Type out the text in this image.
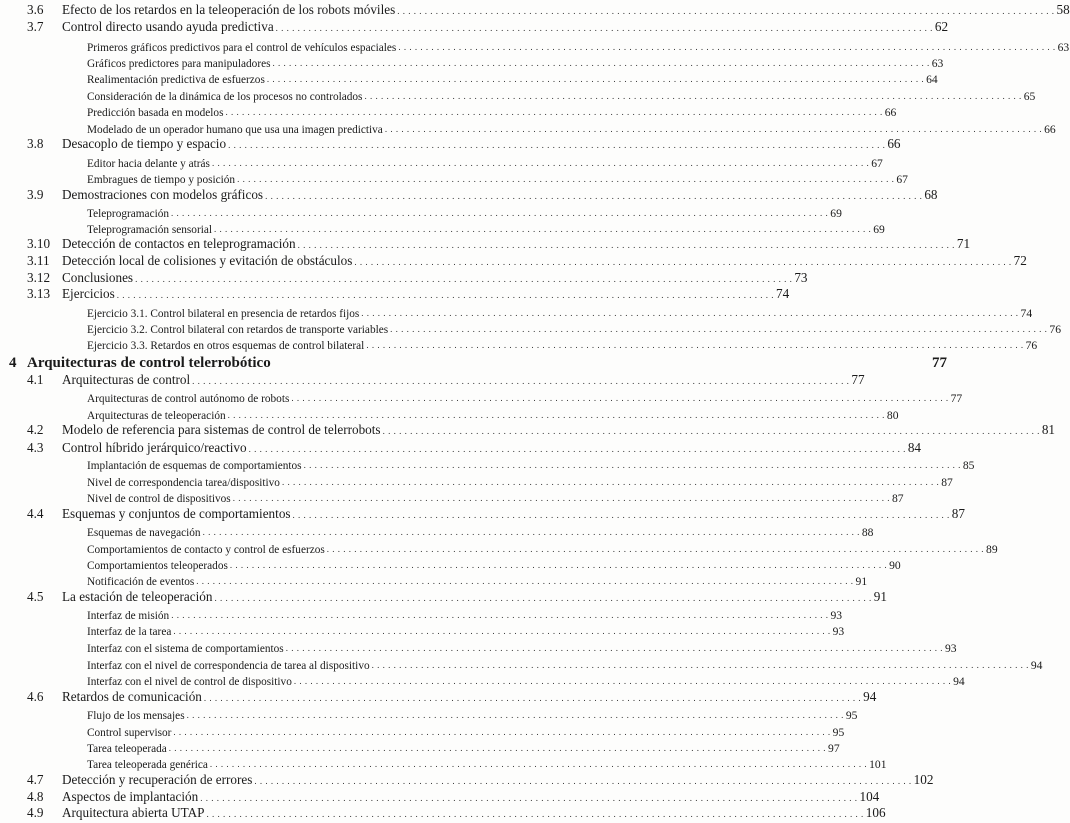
3.6 Efecto de los retardos en la teleoperación de los robots móviles . . . . . . . . . . . . . . . . . . . . . . . . . . . . . . . . . . . . . . . . . . . . . . . . . . . . . . . . . . . . . . . . . . . . . . . . . . . . . . . . . . . . . . . . . . . . . . . . . . . . . . . . . . . . . . . . . . . . . . . . 58
3.7 Control directo usando ayuda predictiva . . . . . . . . . . . . . . . . . . . . . . . . . . . . . . . . . . . . . . . . . . . . . . . . . . . . . . . . . . . . . . . . . . . . . . . . . . . . . . . . . . . . . . . . . . . . . . . . . . . . . . . . . . . . . . . . . . . . . . . . 62
Primeros gráficos predictivos para el control de vehículos espaciales . . . . . . . . . . . . . . . . . . . . . . . . . . . . . . . . . . . . . . . . . . . . . . . . . . . . . . . . . . . . . . . . . . . . . . . . . . . . . . . . . . . . . . . . . . . . . . . . . . . . . . . . . . . . . . . . . . . . . . . . 63
Gráficos predictores para manipuladores . . . . . . . . . . . . . . . . . . . . . . . . . . . . . . . . . . . . . . . . . . . . . . . . . . . . . . . . . . . . . . . . . . . . . . . . . . . . . . . . . . . . . . . . . . . . . . . . . . . . . . . . . . . . . . . . . . . . . . . . 63
Realimentación predictiva de esfuerzos . . . . . . . . . . . . . . . . . . . . . . . . . . . . . . . . . . . . . . . . . . . . . . . . . . . . . . . . . . . . . . . . . . . . . . . . . . . . . . . . . . . . . . . . . . . . . . . . . . . . . . . . . . . . . . . . . . . . . . . . 64
Consideración de la dinámica de los procesos no controlados . . . . . . . . . . . . . . . . . . . . . . . . . . . . . . . . . . . . . . . . . . . . . . . . . . . . . . . . . . . . . . . . . . . . . . . . . . . . . . . . . . . . . . . . . . . . . . . . . . . . . . . . . . . . . . . . . . . . . . . . 65
Predicción basada en modelos . . . . . . . . . . . . . . . . . . . . . . . . . . . . . . . . . . . . . . . . . . . . . . . . . . . . . . . . . . . . . . . . . . . . . . . . . . . . . . . . . . . . . . . . . . . . . . . . . . . . . . . . . . . . . . . . . . . . . . . . 66
Modelado de un operador humano que usa una imagen predictiva . . . . . . . . . . . . . . . . . . . . . . . . . . . . . . . . . . . . . . . . . . . . . . . . . . . . . . . . . . . . . . . . . . . . . . . . . . . . . . . . . . . . . . . . . . . . . . . . . . . . . . . . . . . . . . . . . . . . . . . . 66
3.8 Desacoplo de tiempo y espacio . . . . . . . . . . . . . . . . . . . . . . . . . . . . . . . . . . . . . . . . . . . . . . . . . . . . . . . . . . . . . . . . . . . . . . . . . . . . . . . . . . . . . . . . . . . . . . . . . . . . . . . . . . . . . . . . . . . . . . . . 66
Editor hacia delante y atrás . . . . . . . . . . . . . . . . . . . . . . . . . . . . . . . . . . . . . . . . . . . . . . . . . . . . . . . . . . . . . . . . . . . . . . . . . . . . . . . . . . . . . . . . . . . . . . . . . . . . . . . . . . . . . . . . . . . . . . . . 67
Embragues de tiempo y posición . . . . . . . . . . . . . . . . . . . . . . . . . . . . . . . . . . . . . . . . . . . . . . . . . . . . . . . . . . . . . . . . . . . . . . . . . . . . . . . . . . . . . . . . . . . . . . . . . . . . . . . . . . . . . . . . . . . . . . . . 67
3.9 Demostraciones con modelos gráficos . . . . . . . . . . . . . . . . . . . . . . . . . . . . . . . . . . . . . . . . . . . . . . . . . . . . . . . . . . . . . . . . . . . . . . . . . . . . . . . . . . . . . . . . . . . . . . . . . . . . . . . . . . . . . . . . . . . . . . . . 68
Teleprogramación . . . . . . . . . . . . . . . . . . . . . . . . . . . . . . . . . . . . . . . . . . . . . . . . . . . . . . . . . . . . . . . . . . . . . . . . . . . . . . . . . . . . . . . . . . . . . . . . . . . . . . . . . . . . . . . . . . . . . . . . 69
Teleprogramación sensorial . . . . . . . . . . . . . . . . . . . . . . . . . . . . . . . . . . . . . . . . . . . . . . . . . . . . . . . . . . . . . . . . . . . . . . . . . . . . . . . . . . . . . . . . . . . . . . . . . . . . . . . . . . . . . . . . . . . . . . . . 69
3.10 Detección de contactos en teleprogramación . . . . . . . . . . . . . . . . . . . . . . . . . . . . . . . . . . . . . . . . . . . . . . . . . . . . . . . . . . . . . . . . . . . . . . . . . . . . . . . . . . . . . . . . . . . . . . . . . . . . . . . . . . . . . . . . . . . . . . . . 71
3.11 Detección local de colisiones y evitación de obstáculos . . . . . . . . . . . . . . . . . . . . . . . . . . . . . . . . . . . . . . . . . . . . . . . . . . . . . . . . . . . . . . . . . . . . . . . . . . . . . . . . . . . . . . . . . . . . . . . . . . . . . . . . . . . . . . . . . . . . . . . . 72
3.12 Conclusiones . . . . . . . . . . . . . . . . . . . . . . . . . . . . . . . . . . . . . . . . . . . . . . . . . . . . . . . . . . . . . . . . . . . . . . . . . . . . . . . . . . . . . . . . . . . . . . . . . . . . . . . . . . . . . . . . . . . . . . . . 73
3.13 Ejercicios . . . . . . . . . . . . . . . . . . . . . . . . . . . . . . . . . . . . . . . . . . . . . . . . . . . . . . . . . . . . . . . . . . . . . . . . . . . . . . . . . . . . . . . . . . . . . . . . . . . . . . . . . . . . . . . . . . . . . . . . 74
Ejercicio 3.1. Control bilateral en presencia de retardos fijos . . . . . . . . . . . . . . . . . . . . . . . . . . . . . . . . . . . . . . . . . . . . . . . . . . . . . . . . . . . . . . . . . . . . . . . . . . . . . . . . . . . . . . . . . . . . . . . . . . . . . . . . . . . . . . . . . . . . . . . . 74
Ejercicio 3.2. Control bilateral con retardos de transporte variables . . . . . . . . . . . . . . . . . . . . . . . . . . . . . . . . . . . . . . . . . . . . . . . . . . . . . . . . . . . . . . . . . . . . . . . . . . . . . . . . . . . . . . . . . . . . . . . . . . . . . . . . . . . . . . . . . . . . . . . . 76
Ejercicio 3.3. Retardos en otros esquemas de control bilateral . . . . . . . . . . . . . . . . . . . . . . . . . . . . . . . . . . . . . . . . . . . . . . . . . . . . . . . . . . . . . . . . . . . . . . . . . . . . . . . . . . . . . . . . . . . . . . . . . . . . . . . . . . . . . . . . . . . . . . . . 76
4 Arquitecturas de control telerrobótico	77
4.1 Arquitecturas de control . . . . . . . . . . . . . . . . . . . . . . . . . . . . . . . . . . . . . . . . . . . . . . . . . . . . . . . . . . . . . . . . . . . . . . . . . . . . . . . . . . . . . . . . . . . . . . . . . . . . . . . . . . . . . . . . . . . . . . . . 77
Arquitecturas de control autónomo de robots . . . . . . . . . . . . . . . . . . . . . . . . . . . . . . . . . . . . . . . . . . . . . . . . . . . . . . . . . . . . . . . . . . . . . . . . . . . . . . . . . . . . . . . . . . . . . . . . . . . . . . . . . . . . . . . . . . . . . . . . 77
Arquitecturas de teleoperación . . . . . . . . . . . . . . . . . . . . . . . . . . . . . . . . . . . . . . . . . . . . . . . . . . . . . . . . . . . . . . . . . . . . . . . . . . . . . . . . . . . . . . . . . . . . . . . . . . . . . . . . . . . . . . . . . . . . . . . . 80
4.2 Modelo de referencia para sistemas de control de telerrobots . . . . . . . . . . . . . . . . . . . . . . . . . . . . . . . . . . . . . . . . . . . . . . . . . . . . . . . . . . . . . . . . . . . . . . . . . . . . . . . . . . . . . . . . . . . . . . . . . . . . . . . . . . . . . . . . . . . . . . . . 81
4.3 Control híbrido jerárquico/reactivo . . . . . . . . . . . . . . . . . . . . . . . . . . . . . . . . . . . . . . . . . . . . . . . . . . . . . . . . . . . . . . . . . . . . . . . . . . . . . . . . . . . . . . . . . . . . . . . . . . . . . . . . . . . . . . . . . . . . . . . . 84
Implantación de esquemas de comportamientos . . . . . . . . . . . . . . . . . . . . . . . . . . . . . . . . . . . . . . . . . . . . . . . . . . . . . . . . . . . . . . . . . . . . . . . . . . . . . . . . . . . . . . . . . . . . . . . . . . . . . . . . . . . . . . . . . . . . . . . . 85
Nivel de correspondencia tarea/dispositivo . . . . . . . . . . . . . . . . . . . . . . . . . . . . . . . . . . . . . . . . . . . . . . . . . . . . . . . . . . . . . . . . . . . . . . . . . . . . . . . . . . . . . . . . . . . . . . . . . . . . . . . . . . . . . . . . . . . . . . . . 87
Nivel de control de dispositivos . . . . . . . . . . . . . . . . . . . . . . . . . . . . . . . . . . . . . . . . . . . . . . . . . . . . . . . . . . . . . . . . . . . . . . . . . . . . . . . . . . . . . . . . . . . . . . . . . . . . . . . . . . . . . . . . . . . . . . . . 87
4.4 Esquemas y conjuntos de comportamientos . . . . . . . . . . . . . . . . . . . . . . . . . . . . . . . . . . . . . . . . . . . . . . . . . . . . . . . . . . . . . . . . . . . . . . . . . . . . . . . . . . . . . . . . . . . . . . . . . . . . . . . . . . . . . . . . . . . . . . . . 87
Esquemas de navegación . . . . . . . . . . . . . . . . . . . . . . . . . . . . . . . . . . . . . . . . . . . . . . . . . . . . . . . . . . . . . . . . . . . . . . . . . . . . . . . . . . . . . . . . . . . . . . . . . . . . . . . . . . . . . . . . . . . . . . . . 88
Comportamientos de contacto y control de esfuerzos . . . . . . . . . . . . . . . . . . . . . . . . . . . . . . . . . . . . . . . . . . . . . . . . . . . . . . . . . . . . . . . . . . . . . . . . . . . . . . . . . . . . . . . . . . . . . . . . . . . . . . . . . . . . . . . . . . . . . . . . 89
Comportamientos teleoperados . . . . . . . . . . . . . . . . . . . . . . . . . . . . . . . . . . . . . . . . . . . . . . . . . . . . . . . . . . . . . . . . . . . . . . . . . . . . . . . . . . . . . . . . . . . . . . . . . . . . . . . . . . . . . . . . . . . . . . . . 90
Notificación de eventos . . . . . . . . . . . . . . . . . . . . . . . . . . . . . . . . . . . . . . . . . . . . . . . . . . . . . . . . . . . . . . . . . . . . . . . . . . . . . . . . . . . . . . . . . . . . . . . . . . . . . . . . . . . . . . . . . . . . . . . . 91
4.5 La estación de teleoperación . . . . . . . . . . . . . . . . . . . . . . . . . . . . . . . . . . . . . . . . . . . . . . . . . . . . . . . . . . . . . . . . . . . . . . . . . . . . . . . . . . . . . . . . . . . . . . . . . . . . . . . . . . . . . . . . . . . . . . . . 91
Interfaz de misión . . . . . . . . . . . . . . . . . . . . . . . . . . . . . . . . . . . . . . . . . . . . . . . . . . . . . . . . . . . . . . . . . . . . . . . . . . . . . . . . . . . . . . . . . . . . . . . . . . . . . . . . . . . . . . . . . . . . . . . . 93
Interfaz de la tarea . . . . . . . . . . . . . . . . . . . . . . . . . . . . . . . . . . . . . . . . . . . . . . . . . . . . . . . . . . . . . . . . . . . . . . . . . . . . . . . . . . . . . . . . . . . . . . . . . . . . . . . . . . . . . . . . . . . . . . . . 93
Interfaz con el sistema de comportamientos . . . . . . . . . . . . . . . . . . . . . . . . . . . . . . . . . . . . . . . . . . . . . . . . . . . . . . . . . . . . . . . . . . . . . . . . . . . . . . . . . . . . . . . . . . . . . . . . . . . . . . . . . . . . . . . . . . . . . . . . 93
Interfaz con el nivel de correspondencia de tarea al dispositivo . . . . . . . . . . . . . . . . . . . . . . . . . . . . . . . . . . . . . . . . . . . . . . . . . . . . . . . . . . . . . . . . . . . . . . . . . . . . . . . . . . . . . . . . . . . . . . . . . . . . . . . . . . . . . . . . . . . . . . . . 94
Interfaz con el nivel de control de dispositivo . . . . . . . . . . . . . . . . . . . . . . . . . . . . . . . . . . . . . . . . . . . . . . . . . . . . . . . . . . . . . . . . . . . . . . . . . . . . . . . . . . . . . . . . . . . . . . . . . . . . . . . . . . . . . . . . . . . . . . . . 94
4.6 Retardos de comunicación . . . . . . . . . . . . . . . . . . . . . . . . . . . . . . . . . . . . . . . . . . . . . . . . . . . . . . . . . . . . . . . . . . . . . . . . . . . . . . . . . . . . . . . . . . . . . . . . . . . . . . . . . . . . . . . . . . . . . . . . 94
Flujo de los mensajes . . . . . . . . . . . . . . . . . . . . . . . . . . . . . . . . . . . . . . . . . . . . . . . . . . . . . . . . . . . . . . . . . . . . . . . . . . . . . . . . . . . . . . . . . . . . . . . . . . . . . . . . . . . . . . . . . . . . . . . . 95
Control supervisor . . . . . . . . . . . . . . . . . . . . . . . . . . . . . . . . . . . . . . . . . . . . . . . . . . . . . . . . . . . . . . . . . . . . . . . . . . . . . . . . . . . . . . . . . . . . . . . . . . . . . . . . . . . . . . . . . . . . . . . . 95
Tarea teleoperada . . . . . . . . . . . . . . . . . . . . . . . . . . . . . . . . . . . . . . . . . . . . . . . . . . . . . . . . . . . . . . . . . . . . . . . . . . . . . . . . . . . . . . . . . . . . . . . . . . . . . . . . . . . . . . . . . . . . . . . . 97
Tarea teleoperada genérica . . . . . . . . . . . . . . . . . . . . . . . . . . . . . . . . . . . . . . . . . . . . . . . . . . . . . . . . . . . . . . . . . . . . . . . . . . . . . . . . . . . . . . . . . . . . . . . . . . . . . . . . . . . . . . . . . . . . . . . . 101
4.7 Detección y recuperación de errores . . . . . . . . . . . . . . . . . . . . . . . . . . . . . . . . . . . . . . . . . . . . . . . . . . . . . . . . . . . . . . . . . . . . . . . . . . . . . . . . . . . . . . . . . . . . . . . . . . . . . . . . . . . . . . . . . . . . . . . . 102
4.8 Aspectos de implantación . . . . . . . . . . . . . . . . . . . . . . . . . . . . . . . . . . . . . . . . . . . . . . . . . . . . . . . . . . . . . . . . . . . . . . . . . . . . . . . . . . . . . . . . . . . . . . . . . . . . . . . . . . . . . . . . . . . . . . . . 104
4.9 Arquitectura abierta UTAP . . . . . . . . . . . . . . . . . . . . . . . . . . . . . . . . . . . . . . . . . . . . . . . . . . . . . . . . . . . . . . . . . . . . . . . . . . . . . . . . . . . . . . . . . . . . . . . . . . . . . . . . . . . . . . . . . . . . . . . . 106
